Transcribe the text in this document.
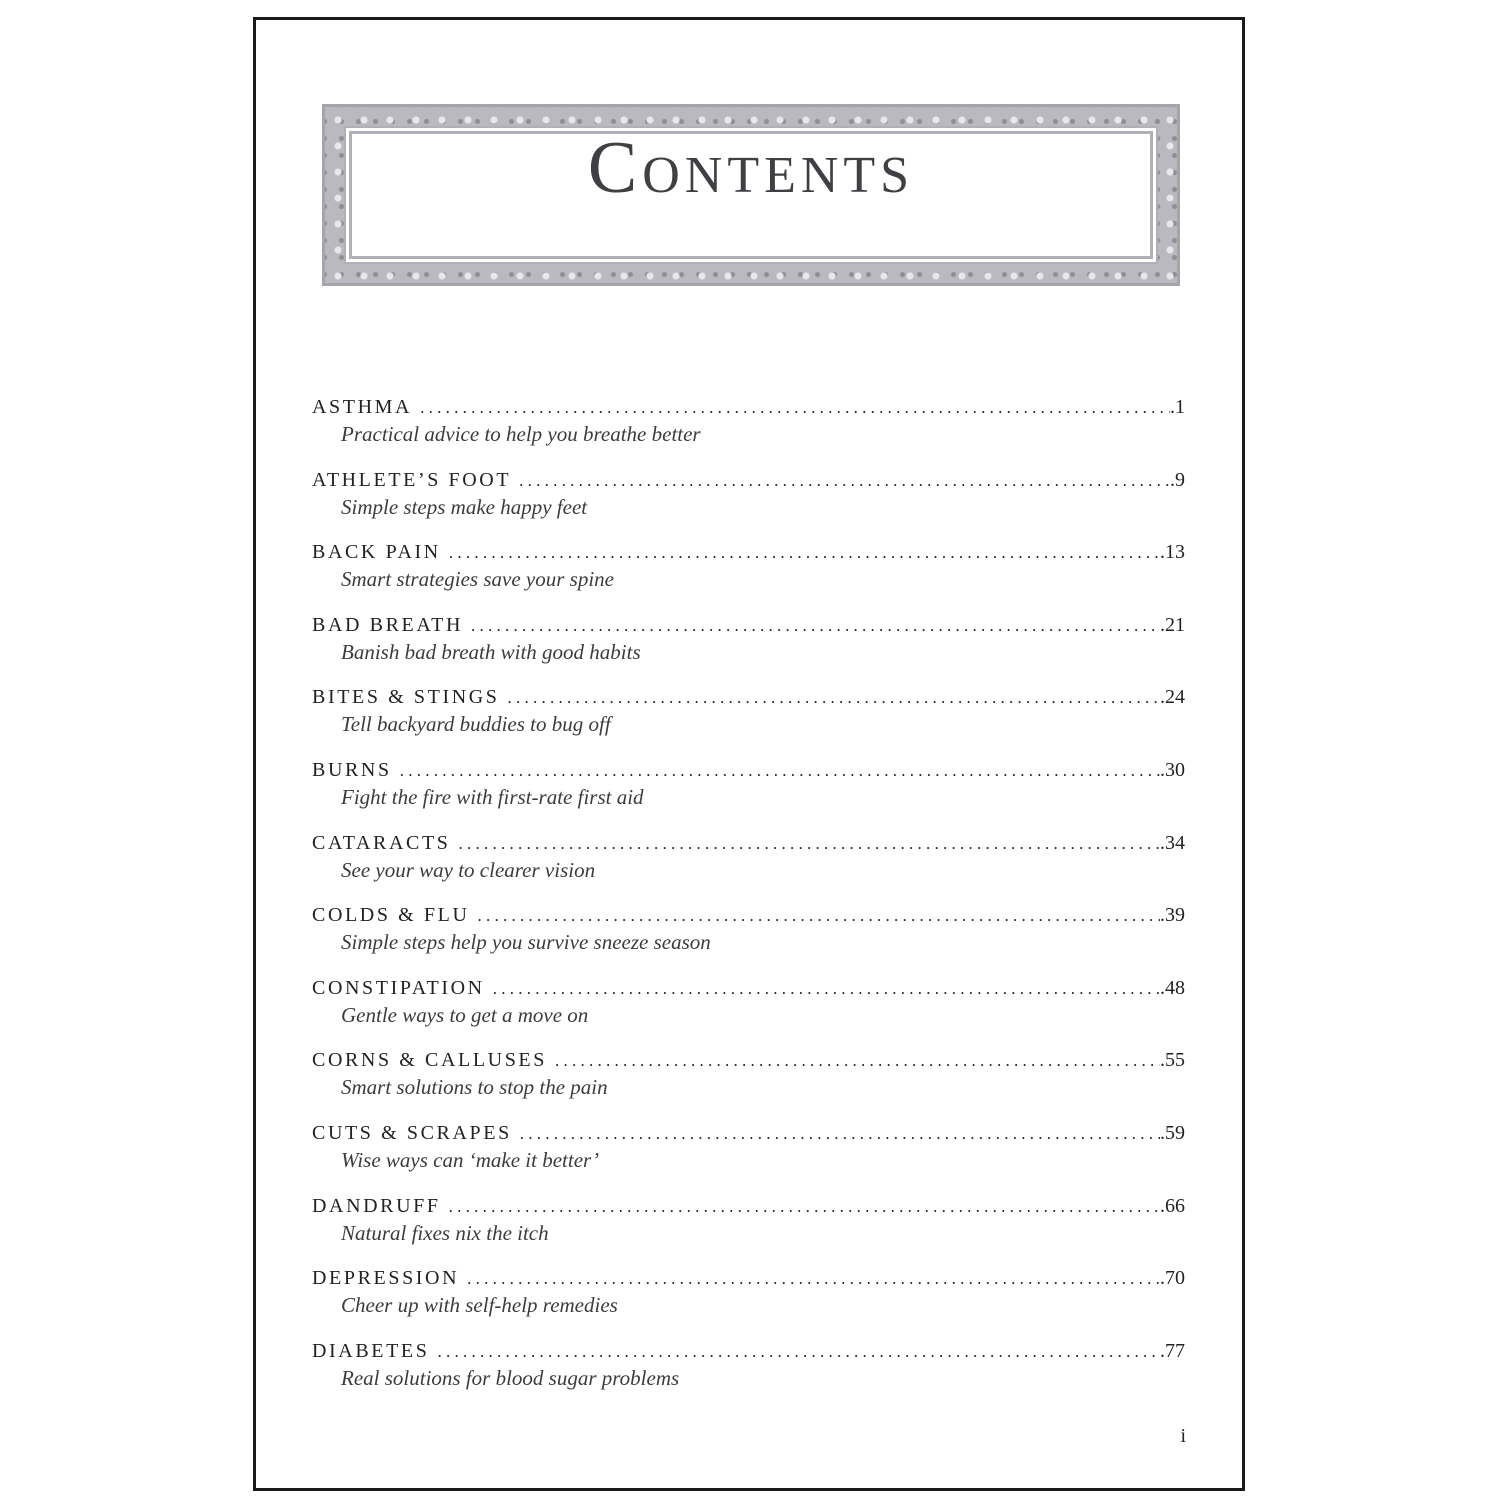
Contents
ASTHMA . . .	.1
Practical advice to help you breathe better
ATHLETE’S FOOT . . .	.9
Simple steps make happy feet
BACK PAIN . . .	.13
Smart strategies save your spine
BAD BREATH . . .	.21
Banish bad breath with good habits
BITES & STINGS . . .	.24
Tell backyard buddies to bug off
BURNS . . .	.30
Fight the fire with first-rate first aid
CATARACTS . . .	.34
See your way to clearer vision
COLDS & FLU . . .	.39
Simple steps help you survive sneeze season
CONSTIPATION . . .	.48
Gentle ways to get a move on
CORNS & CALLUSES . . .	.55
Smart solutions to stop the pain
CUTS & SCRAPES . . .	.59
Wise ways can ‘make it better’
DANDRUFF . . .	.66
Natural fixes nix the itch
DEPRESSION . . .	.70
Cheer up with self-help remedies
DIABETES . . .	.77
Real solutions for blood sugar problems
i
